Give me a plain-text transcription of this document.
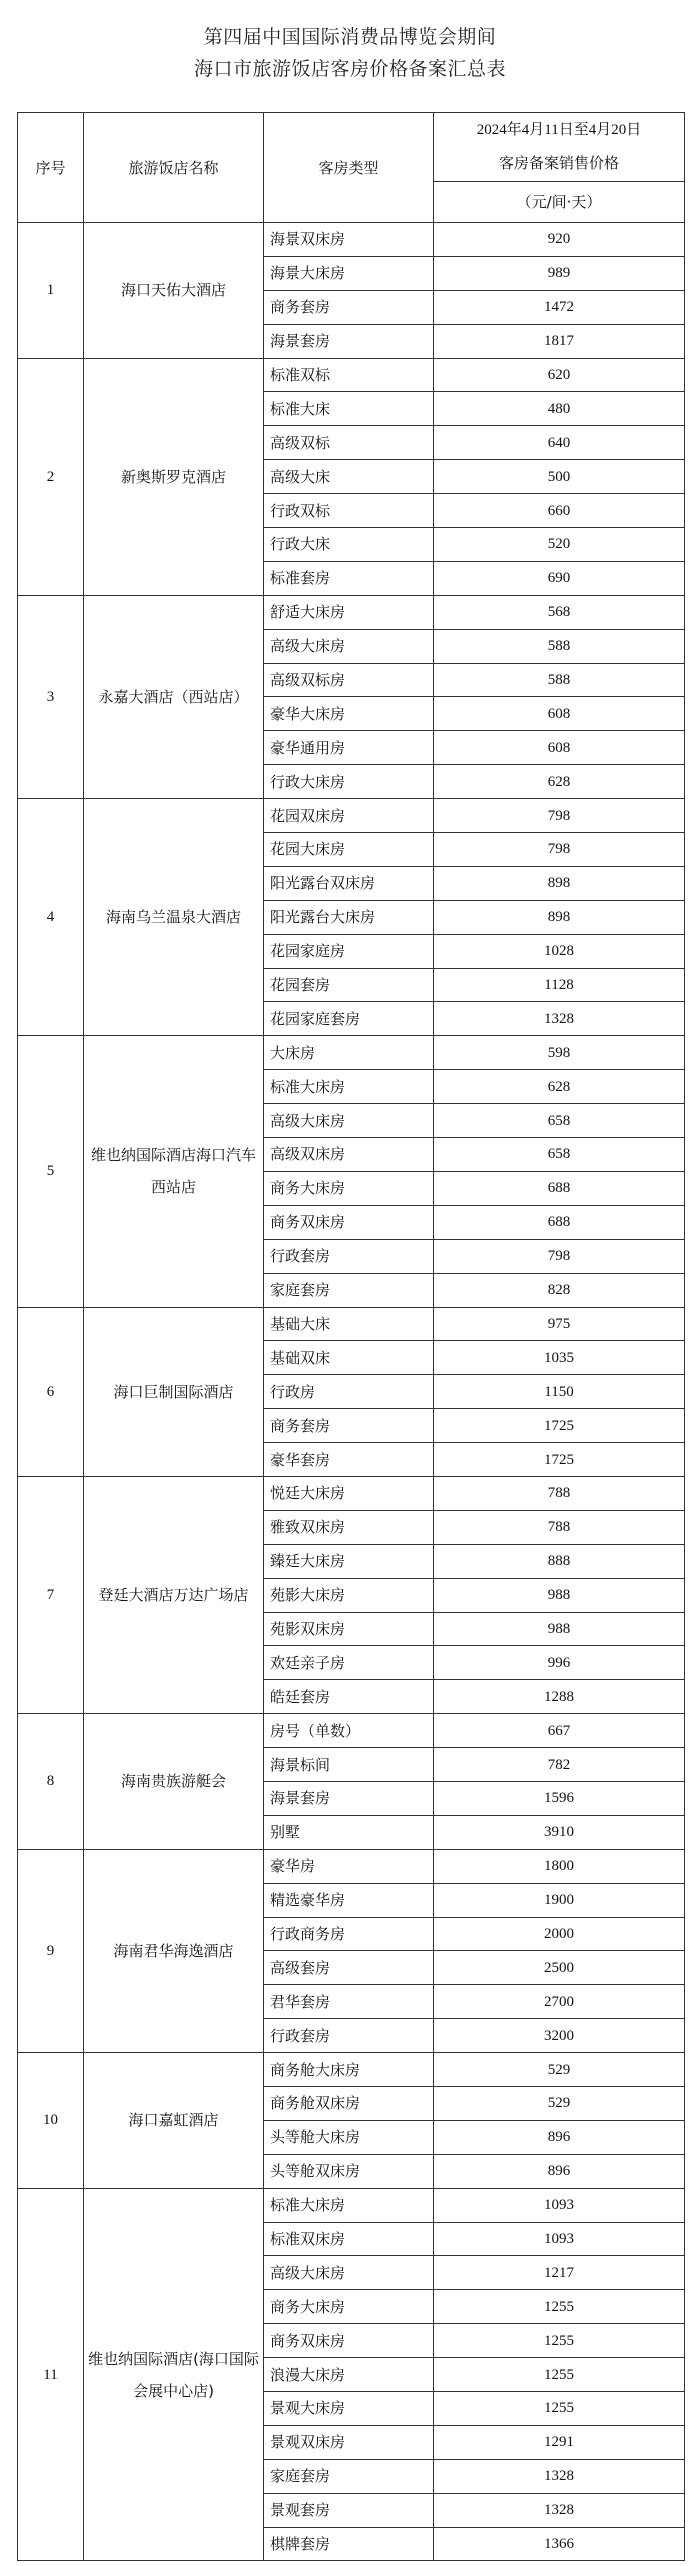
第四届中国国际消费品博览会期间
海口市旅游饭店客房价格备案汇总表
序号	旅游饭店名称	客房类型	2024年4月11日至4月20日
客房备案销售价格

			（元/间·天）
1	海口天佑大酒店	海景双床房	920
		海景大床房	989
		商务套房	1472
		海景套房	1817
2	新奥斯罗克酒店	标准双标	620
		标准大床	480
		高级双标	640
		高级大床	500
		行政双标	660
		行政大床	520
		标准套房	690
3	永嘉大酒店（西站店）	舒适大床房	568
		高级大床房	588
		高级双标房	588
		豪华大床房	608
		豪华通用房	608
		行政大床房	628
4	海南乌兰温泉大酒店	花园双床房	798
		花园大床房	798
		阳光露台双床房	898
		阳光露台大床房	898
		花园家庭房	1028
		花园套房	1128
		花园家庭套房	1328
5	维也纳国际酒店海口汽车西站店	大床房	598
		标准大床房	628
		高级大床房	658
		高级双床房	658
		商务大床房	688
		商务双床房	688
		行政套房	798
		家庭套房	828
6	海口巨制国际酒店	基础大床	975
		基础双床	1035
		行政房	1150
		商务套房	1725
		豪华套房	1725
7	登廷大酒店万达广场店	悦廷大床房	788
		雅致双床房	788
		臻廷大床房	888
		苑影大床房	988
		苑影双床房	988
		欢廷亲子房	996
		皓廷套房	1288
8	海南贵族游艇会	房号（单数）	667
		海景标间	782
		海景套房	1596
		别墅	3910
9	海南君华海逸酒店	豪华房	1800
		精选豪华房	1900
		行政商务房	2000
		高级套房	2500
		君华套房	2700
		行政套房	3200
10	海口嘉虹酒店	商务舱大床房	529
		商务舱双床房	529
		头等舱大床房	896
		头等舱双床房	896
11	维也纳国际酒店(海口国际会展中心店)	标准大床房	1093
		标准双床房	1093
		高级大床房	1217
		商务大床房	1255
		商务双床房	1255
		浪漫大床房	1255
		景观大床房	1255
		景观双床房	1291
		家庭套房	1328
		景观套房	1328
		棋牌套房	1366
